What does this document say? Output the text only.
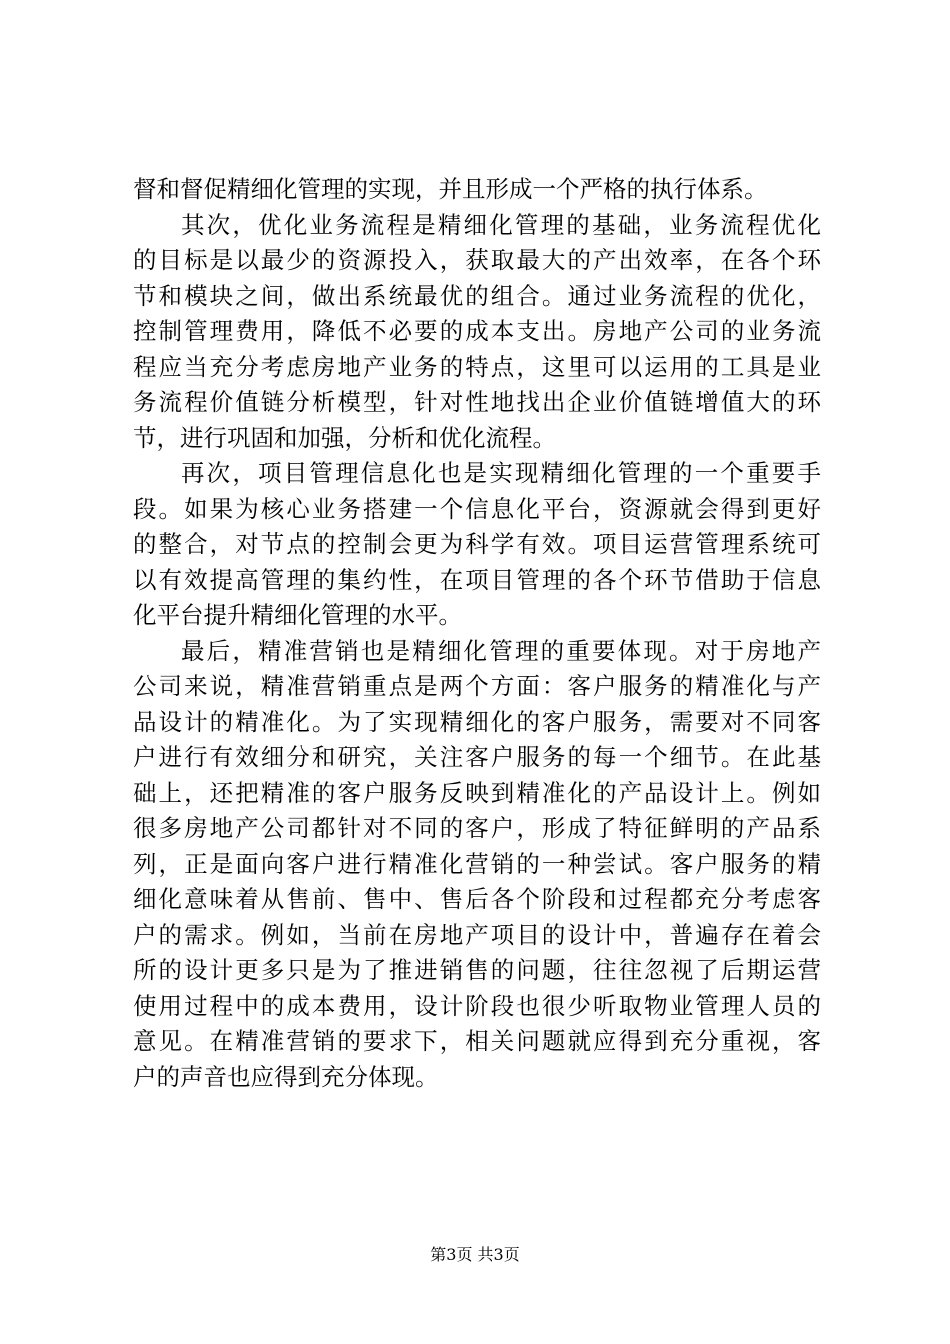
督和督促精细化管理的实现，并且形成一个严格的执行体系。
其次，优化业务流程是精细化管理的基础，业务流程优化
的目标是以最少的资源投入，获取最大的产出效率，在各个环
节和模块之间，做出系统最优的组合。通过业务流程的优化，
控制管理费用，降低不必要的成本支出。房地产公司的业务流
程应当充分考虑房地产业务的特点，这里可以运用的工具是业
务流程价值链分析模型，针对性地找出企业价值链增值大的环
节，进行巩固和加强，分析和优化流程。
再次，项目管理信息化也是实现精细化管理的一个重要手
段。如果为核心业务搭建一个信息化平台，资源就会得到更好
的整合，对节点的控制会更为科学有效。项目运营管理系统可
以有效提高管理的集约性，在项目管理的各个环节借助于信息
化平台提升精细化管理的水平。
最后，精准营销也是精细化管理的重要体现。对于房地产
公司来说，精准营销重点是两个方面：客户服务的精准化与产
品设计的精准化。为了实现精细化的客户服务，需要对不同客
户进行有效细分和研究，关注客户服务的每一个细节。在此基
础上，还把精准的客户服务反映到精准化的产品设计上。例如
很多房地产公司都针对不同的客户，形成了特征鲜明的产品系
列，正是面向客户进行精准化营销的一种尝试。客户服务的精
细化意味着从售前、售中、售后各个阶段和过程都充分考虑客
户的需求。例如，当前在房地产项目的设计中，普遍存在着会
所的设计更多只是为了推进销售的问题，往往忽视了后期运营
使用过程中的成本费用，设计阶段也很少听取物业管理人员的
意见。在精准营销的要求下，相关问题就应得到充分重视，客
户的声音也应得到充分体现。
第3页 共3页
